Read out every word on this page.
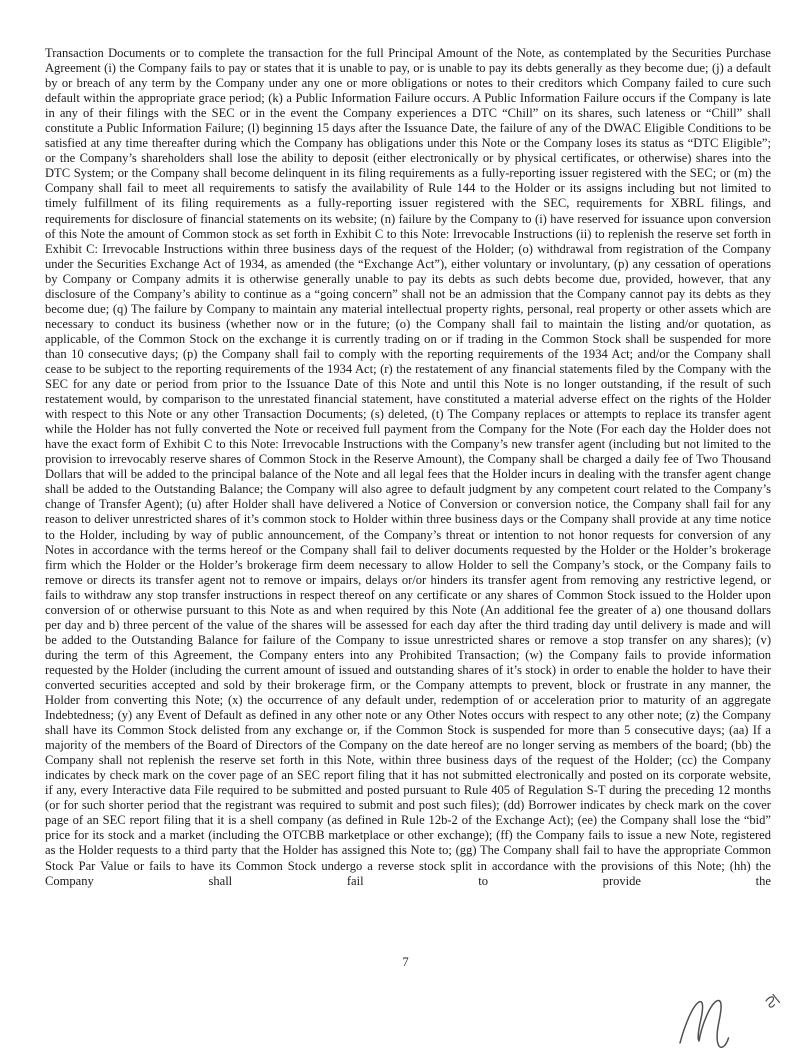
Transaction Documents or to complete the transaction for the full Principal Amount of the Note, as contemplated by the Securities Purchase Agreement (i) the Company fails to pay or states that it is unable to pay, or is unable to pay its debts generally as they become due; (j) a default by or breach of any term by the Company under any one or more obligations or notes to their creditors which Company failed to cure such default within the appropriate grace period; (k) a Public Information Failure occurs. A Public Information Failure occurs if the Company is late in any of their filings with the SEC or in the event the Company experiences a DTC “Chill” on its shares, such lateness or “Chill” shall constitute a Public Information Failure; (l) beginning 15 days after the Issuance Date, the failure of any of the DWAC Eligible Conditions to be satisfied at any time thereafter during which the Company has obligations under this Note or the Company loses its status as “DTC Eligible”; or the Company’s shareholders shall lose the ability to deposit (either electronically or by physical certificates, or otherwise) shares into the DTC System; or the Company shall become delinquent in its filing requirements as a fully-reporting issuer registered with the SEC; or (m) the Company shall fail to meet all requirements to satisfy the availability of Rule 144 to the Holder or its assigns including but not limited to timely fulfillment of its filing requirements as a fully-reporting issuer registered with the SEC, requirements for XBRL filings, and requirements for disclosure of financial statements on its website; (n) failure by the Company to (i) have reserved for issuance upon conversion of this Note the amount of Common stock as set forth in Exhibit C to this Note: Irrevocable Instructions (ii) to replenish the reserve set forth in Exhibit C: Irrevocable Instructions within three business days of the request of the Holder; (o) withdrawal from registration of the Company under the Securities Exchange Act of 1934, as amended (the “Exchange Act”), either voluntary or involuntary, (p) any cessation of operations by Company or Company admits it is otherwise generally unable to pay its debts as such debts become due, provided, however, that any disclosure of the Company’s ability to continue as a “going concern” shall not be an admission that the Company cannot pay its debts as they become due; (q) The failure by Company to maintain any material intellectual property rights, personal, real property or other assets which are necessary to conduct its business (whether now or in the future; (o) the Company shall fail to maintain the listing and/or quotation, as applicable, of the Common Stock on the exchange it is currently trading on or if trading in the Common Stock shall be suspended for more than 10 consecutive days; (p) the Company shall fail to comply with the reporting requirements of the 1934 Act; and/or the Company shall cease to be subject to the reporting requirements of the 1934 Act; (r) the restatement of any financial statements filed by the Company with the SEC for any date or period from prior to the Issuance Date of this Note and until this Note is no longer outstanding, if the result of such restatement would, by comparison to the unrestated financial statement, have constituted a material adverse effect on the rights of the Holder with respect to this Note or any other Transaction Documents; (s) deleted, (t) The Company replaces or attempts to replace its transfer agent while the Holder has not fully converted the Note or received full payment from the Company for the Note (For each day the Holder does not have the exact form of Exhibit C to this Note: Irrevocable Instructions with the Company’s new transfer agent (including but not limited to the provision to irrevocably reserve shares of Common Stock in the Reserve Amount), the Company shall be charged a daily fee of Two Thousand Dollars that will be added to the principal balance of the Note and all legal fees that the Holder incurs in dealing with the transfer agent change shall be added to the Outstanding Balance; the Company will also agree to default judgment by any competent court related to the Company’s change of Transfer Agent); (u) after Holder shall have delivered a Notice of Conversion or conversion notice, the Company shall fail for any reason to deliver unrestricted shares of it’s common stock to Holder within three business days or the Company shall provide at any time notice to the Holder, including by way of public announcement, of the Company’s threat or intention to not honor requests for conversion of any Notes in accordance with the terms hereof or the Company shall fail to deliver documents requested by the Holder or the Holder’s brokerage firm which the Holder or the Holder’s brokerage firm deem necessary to allow Holder to sell the Company’s stock, or the Company fails to remove or directs its transfer agent not to remove or impairs, delays or/or hinders its transfer agent from removing any restrictive legend, or fails to withdraw any stop transfer instructions in respect thereof on any certificate or any shares of Common Stock issued to the Holder upon conversion of or otherwise pursuant to this Note as and when required by this Note (An additional fee the greater of a) one thousand dollars per day and b) three percent of the value of the shares will be assessed for each day after the third trading day until delivery is made and will be added to the Outstanding Balance for failure of the Company to issue unrestricted shares or remove a stop transfer on any shares); (v) during the term of this Agreement, the Company enters into any Prohibited Transaction; (w) the Company fails to provide information requested by the Holder (including the current amount of issued and outstanding shares of it’s stock) in order to enable the holder to have their converted securities accepted and sold by their brokerage firm, or the Company attempts to prevent, block or frustrate in any manner, the Holder from converting this Note; (x) the occurrence of any default under, redemption of or acceleration prior to maturity of an aggregate Indebtedness; (y) any Event of Default as defined in any other note or any Other Notes occurs with respect to any other note; (z) the Company shall have its Common Stock delisted from any exchange or, if the Common Stock is suspended for more than 5 consecutive days; (aa) If a majority of the members of the Board of Directors of the Company on the date hereof are no longer serving as members of the board; (bb) the Company shall not replenish the reserve set forth in this Note, within three business days of the request of the Holder; (cc) the Company indicates by check mark on the cover page of an SEC report filing that it has not submitted electronically and posted on its corporate website, if any, every Interactive data File required to be submitted and posted pursuant to Rule 405 of Regulation S-T during the preceding 12 months (or for such shorter period that the registrant was required to submit and post such files); (dd) Borrower indicates by check mark on the cover page of an SEC report filing that it is a shell company (as defined in Rule 12b-2 of the Exchange Act); (ee) the Company shall lose the “bid” price for its stock and a market (including the OTCBB marketplace or other exchange); (ff) the Company fails to issue a new Note, registered as the Holder requests to a third party that the Holder has assigned this Note to; (gg) The Company shall fail to have the appropriate Common Stock Par Value or fails to have its Common Stock undergo a reverse stock split in accordance with the provisions of this Note; (hh) the Company shall fail to provide the
7
